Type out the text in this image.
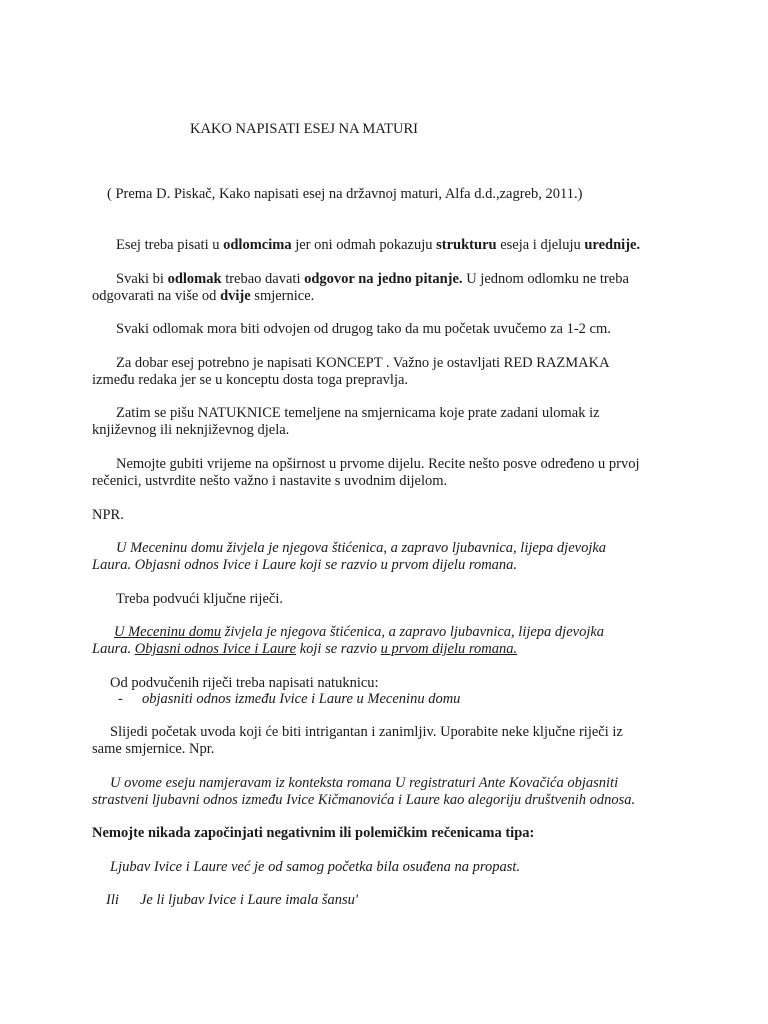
KAKO NAPISATI ESEJ NA MATURI
( Prema D. Piskač, Kako napisati esej na državnoj maturi, Alfa d.d.,zagreb, 2011.)
Esej treba pisati u odlomcima jer oni odmah pokazuju strukturu eseja i djeluju urednije.
Svaki bi odlomak trebao davati odgovor na jedno pitanje. U jednom odlomku ne treba
odgovarati na više od dvije smjernice.
Svaki odlomak mora biti odvojen od drugog tako da mu početak uvučemo za 1-2 cm.
Za dobar esej potrebno je napisati KONCEPT . Važno je ostavljati RED RAZMAKA
između redaka jer se u konceptu dosta toga prepravlja.
Zatim se pišu NATUKNICE temeljene na smjernicama koje prate zadani ulomak iz
književnog ili neknjiževnog djela.
Nemojte gubiti vrijeme na opširnost u prvome dijelu. Recite nešto posve određeno u prvoj
rečenici, ustvrdite nešto važno i nastavite s uvodnim dijelom.
NPR.
U Meceninu domu živjela je njegova štićenica, a zapravo ljubavnica, lijepa djevojka
Laura. Objasni odnos Ivice i Laure koji se razvio u prvom dijelu romana.
Treba podvući ključne riječi.
U Meceninu domu živjela je njegova štićenica, a zapravo ljubavnica, lijepa djevojka
Laura. Objasni odnos Ivice i Laure koji se razvio u prvom dijelu romana.
Od podvučenih riječi treba napisati natuknicu:
- objasniti odnos između Ivice i Laure u Meceninu domu
Slijedi početak uvoda koji će biti intrigantan i zanimljiv. Uporabite neke ključne riječi iz
same smjernice. Npr.
U ovome eseju namjeravam iz konteksta romana U registraturi Ante Kovačića objasniti
strastveni ljubavni odnos između Ivice Kičmanovića i Laure kao alegoriju društvenih odnosa.
Nemojte nikada započinjati negativnim ili polemičkim rečenicama tipa:
Ljubav Ivice i Laure već je od samog početka bila osuđena na propast.
Ili Je li ljubav Ivice i Laure imala šansu'
